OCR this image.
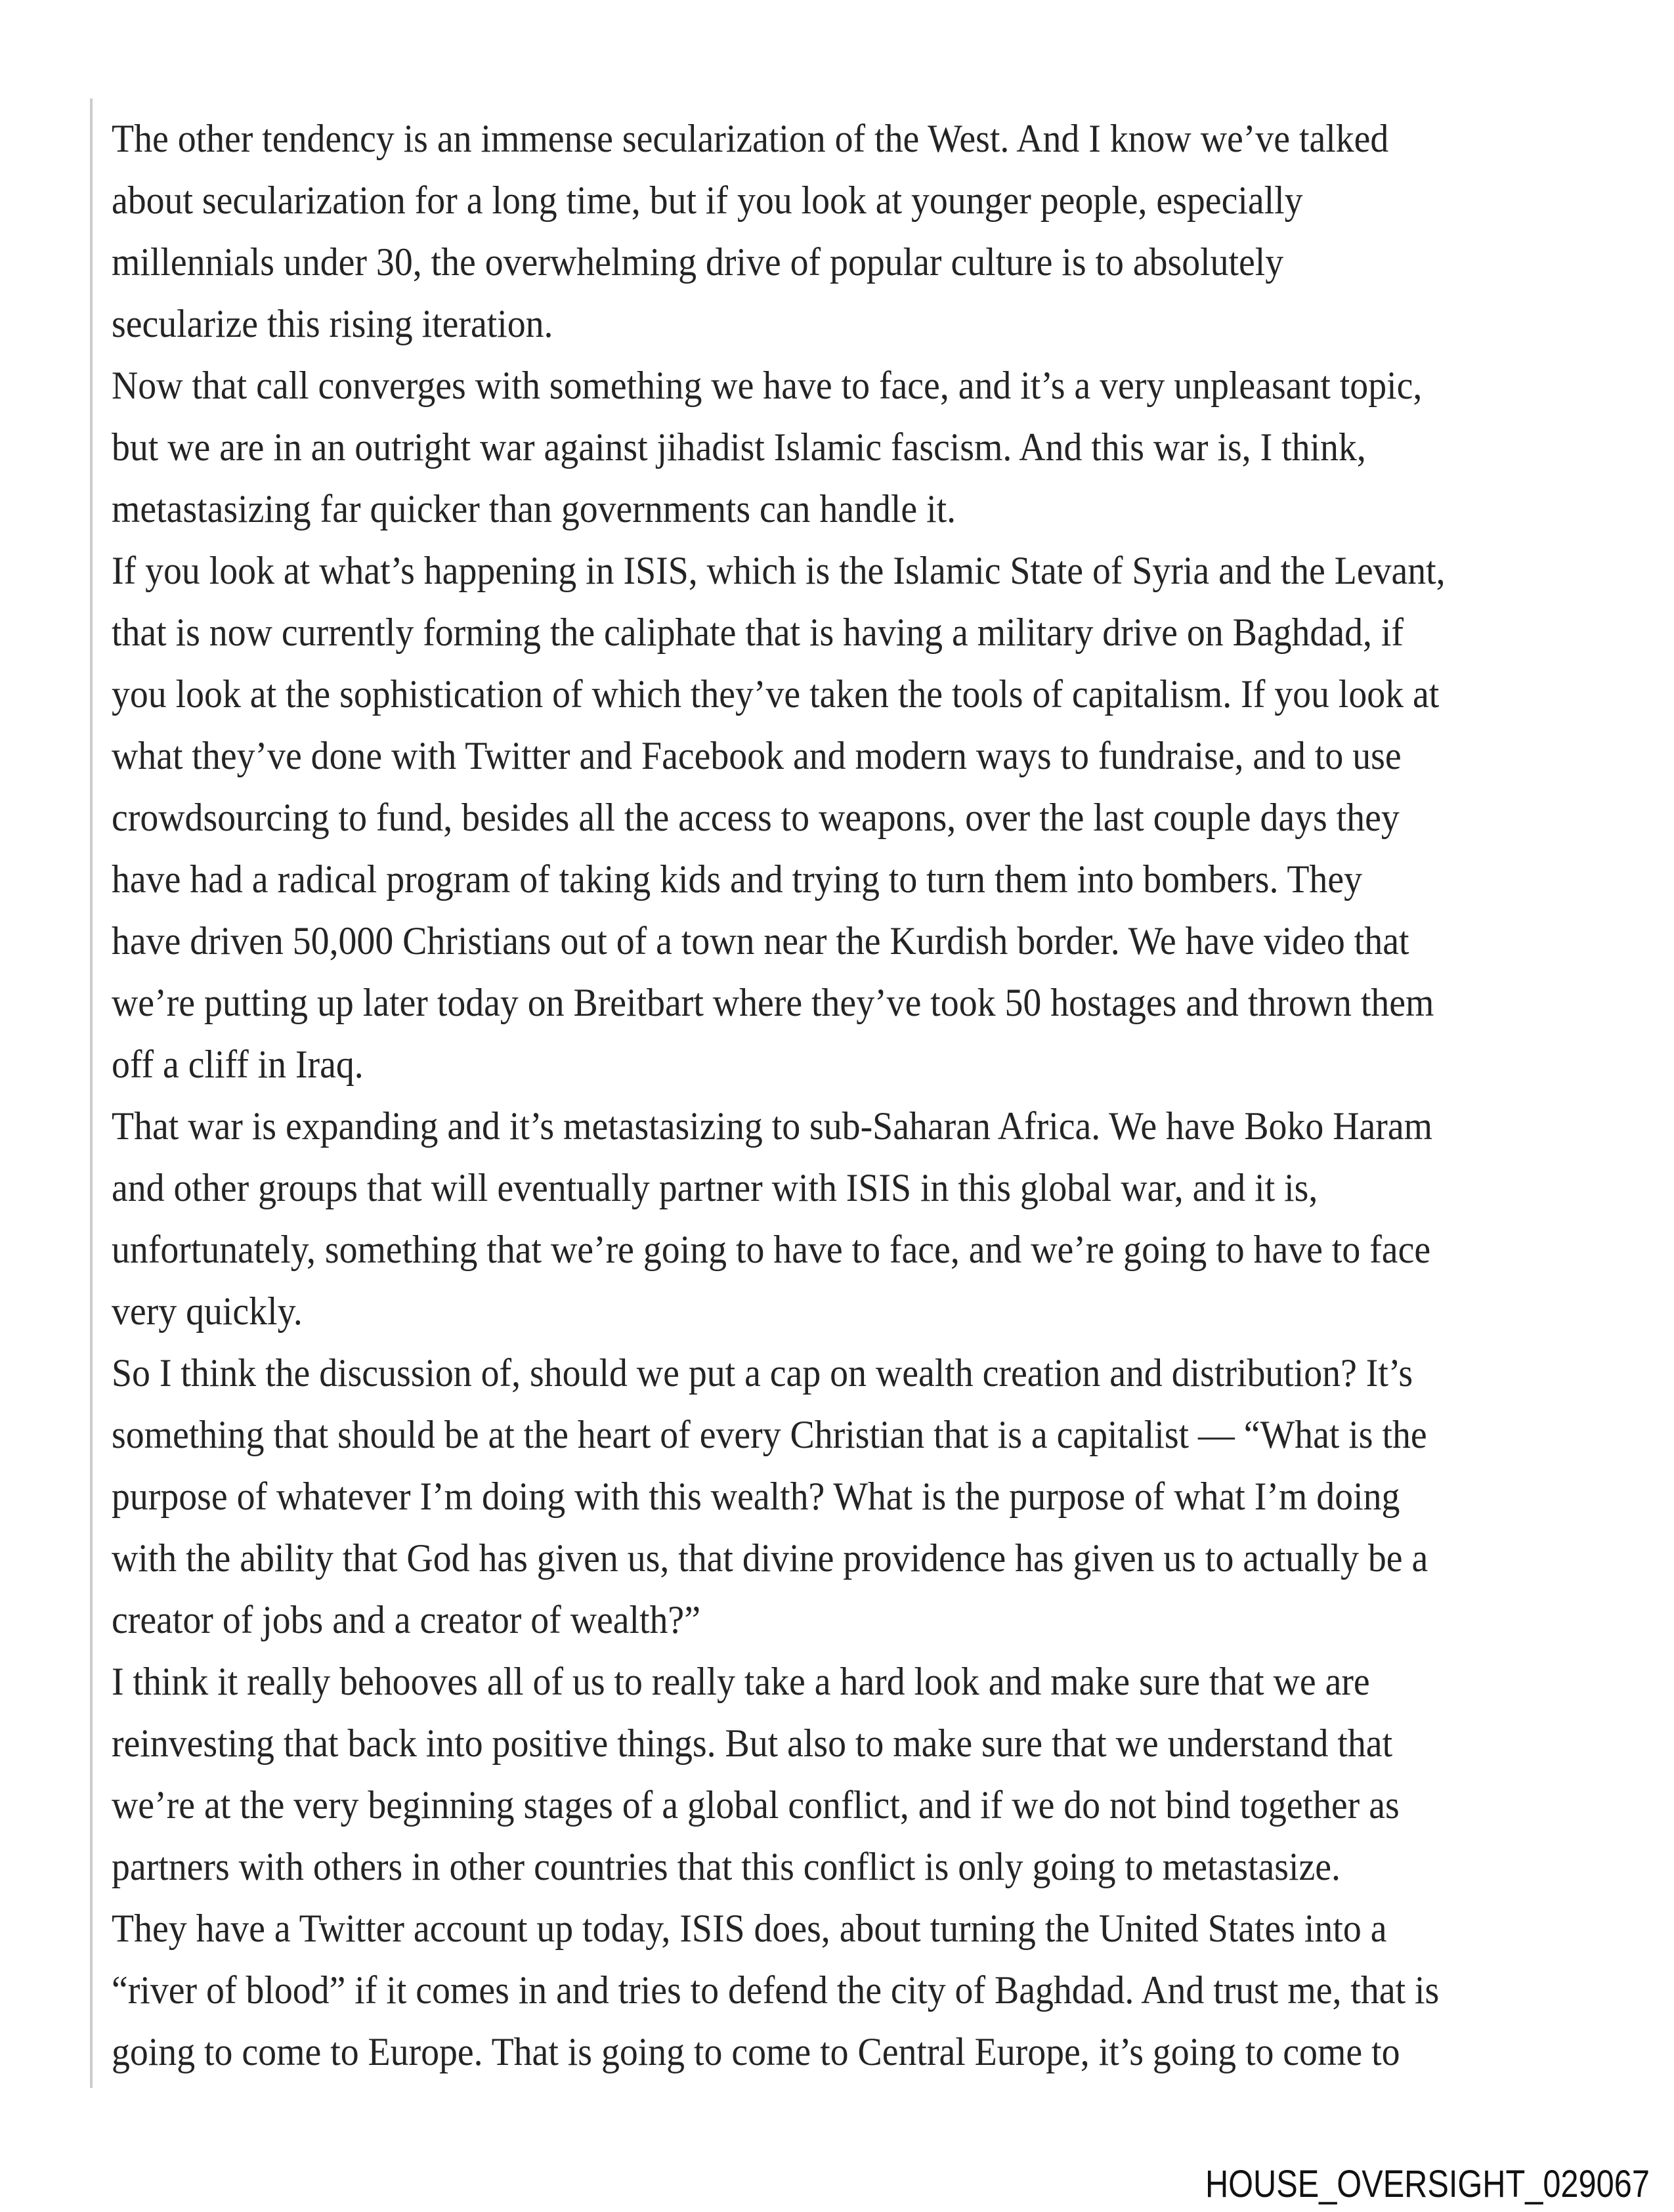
The other tendency is an immense secularization of the West. And I know we’ve talked
about secularization for a long time, but if you look at younger people, especially
millennials under 30, the overwhelming drive of popular culture is to absolutely
secularize this rising iteration.
Now that call converges with something we have to face, and it’s a very unpleasant topic,
but we are in an outright war against jihadist Islamic fascism. And this war is, I think,
metastasizing far quicker than governments can handle it.
If you look at what’s happening in ISIS, which is the Islamic State of Syria and the Levant,
that is now currently forming the caliphate that is having a military drive on Baghdad, if
you look at the sophistication of which they’ve taken the tools of capitalism. If you look at
what they’ve done with Twitter and Facebook and modern ways to fundraise, and to use
crowdsourcing to fund, besides all the access to weapons, over the last couple days they
have had a radical program of taking kids and trying to turn them into bombers. They
have driven 50,000 Christians out of a town near the Kurdish border. We have video that
we’re putting up later today on Breitbart where they’ve took 50 hostages and thrown them
off a cliff in Iraq.
That war is expanding and it’s metastasizing to sub-Saharan Africa. We have Boko Haram
and other groups that will eventually partner with ISIS in this global war, and it is,
unfortunately, something that we’re going to have to face, and we’re going to have to face
very quickly.
So I think the discussion of, should we put a cap on wealth creation and distribution? It’s
something that should be at the heart of every Christian that is a capitalist — “What is the
purpose of whatever I’m doing with this wealth? What is the purpose of what I’m doing
with the ability that God has given us, that divine providence has given us to actually be a
creator of jobs and a creator of wealth?”
I think it really behooves all of us to really take a hard look and make sure that we are
reinvesting that back into positive things. But also to make sure that we understand that
we’re at the very beginning stages of a global conflict, and if we do not bind together as
partners with others in other countries that this conflict is only going to metastasize.
They have a Twitter account up today, ISIS does, about turning the United States into a
“river of blood” if it comes in and tries to defend the city of Baghdad. And trust me, that is
going to come to Europe. That is going to come to Central Europe, it’s going to come to
HOUSE_OVERSIGHT_029067
